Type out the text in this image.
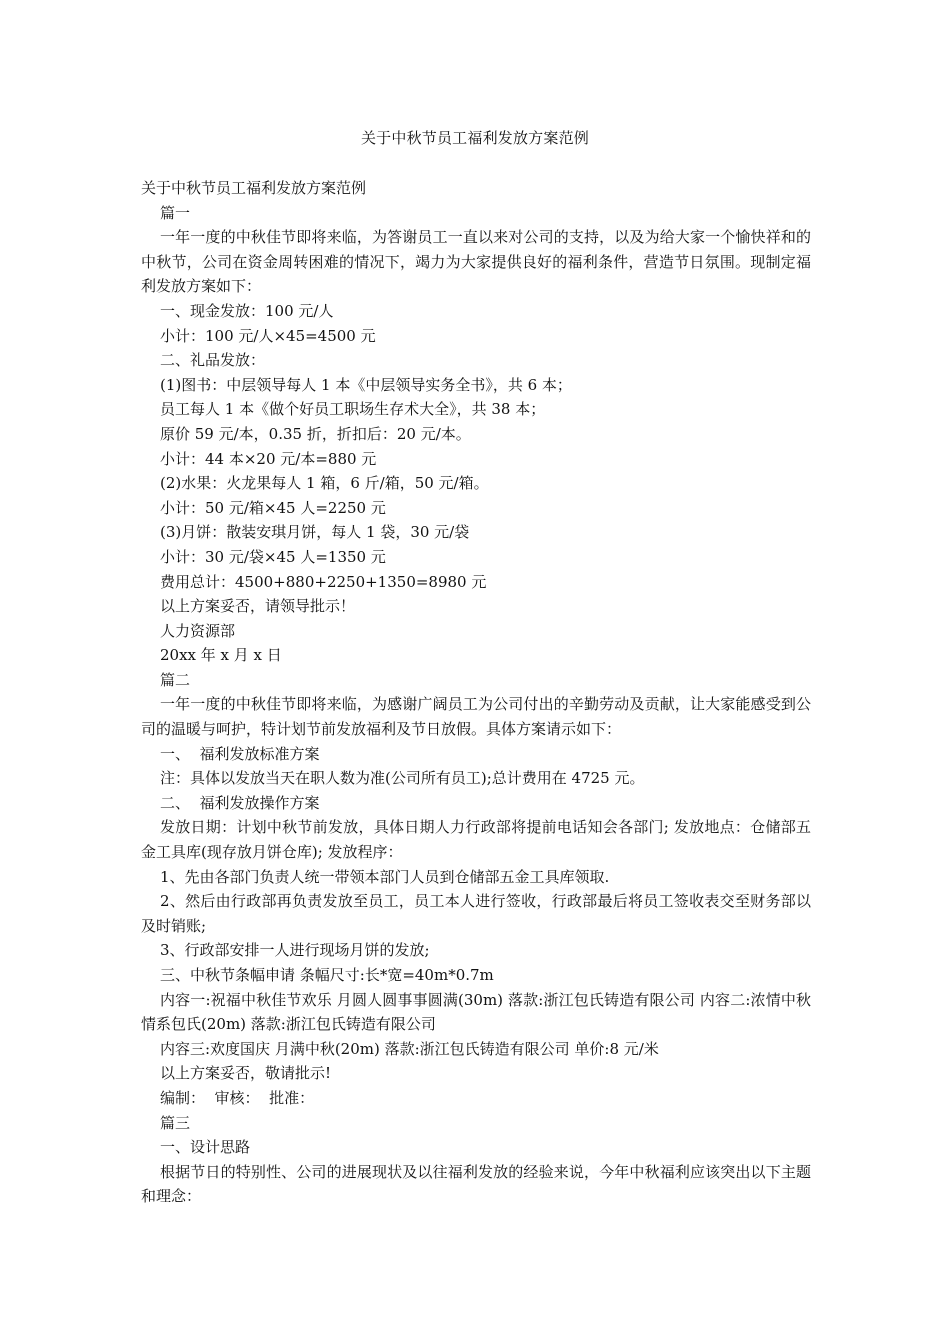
关于中秋节员工福利发放方案范例

关于中秋节员工福利发放方案范例

篇一

一年一度的中秋佳节即将来临，为答谢员工一直以来对公司的支持，以及为给大家一个愉快祥和的中秋节，公司在资金周转困难的情况下，竭力为大家提供良好的福利条件，营造节日氛围。现制定福利发放方案如下：

一、现金发放：100 元/人

小计：100 元/人×45=4500 元

二、礼品发放：

(1)图书：中层领导每人 1 本《中层领导实务全书》，共 6 本；

员工每人 1 本《做个好员工职场生存术大全》，共 38 本；

原价 59 元/本，0.35 折，折扣后：20 元/本。

小计：44 本×20 元/本=880 元

(2)水果：火龙果每人 1 箱，6 斤/箱，50 元/箱。

小计：50 元/箱×45 人=2250 元

(3)月饼：散装安琪月饼，每人 1 袋，30 元/袋

小计：30 元/袋×45 人=1350 元

费用总计：4500+880+2250+1350=8980 元

以上方案妥否，请领导批示！

人力资源部

20xx 年 x 月 x 日

篇二

一年一度的中秋佳节即将来临，为感谢广阔员工为公司付出的辛勤劳动及贡献，让大家能感受到公司的温暖与呵护，特计划节前发放福利及节日放假。具体方案请示如下：

一、  福利发放标准方案

注：具体以发放当天在职人数为准(公司所有员工);总计费用在 4725 元。

二、  福利发放操作方案

发放日期：计划中秋节前发放，具体日期人力行政部将提前电话知会各部门; 发放地点：仓储部五金工具库(现存放月饼仓库); 发放程序：

1、先由各部门负责人统一带领本部门人员到仓储部五金工具库领取.

2、然后由行政部再负责发放至员工，员工本人进行签收，行政部最后将员工签收表交至财务部以及时销账;

3、行政部安排一人进行现场月饼的发放;

三、中秋节条幅申请 条幅尺寸:长*宽=40m*0.7m

内容一:祝福中秋佳节欢乐 月圆人圆事事圆满(30m) 落款:浙江包氏铸造有限公司 内容二:浓情中秋 情系包氏(20m) 落款:浙江包氏铸造有限公司

内容三:欢度国庆 月满中秋(20m) 落款:浙江包氏铸造有限公司 单价:8 元/米

以上方案妥否，敬请批示!

编制：  审核：  批准：

篇三

一、设计思路

根据节日的特别性、公司的进展现状及以往福利发放的经验来说，今年中秋福利应该突出以下主题和理念：
